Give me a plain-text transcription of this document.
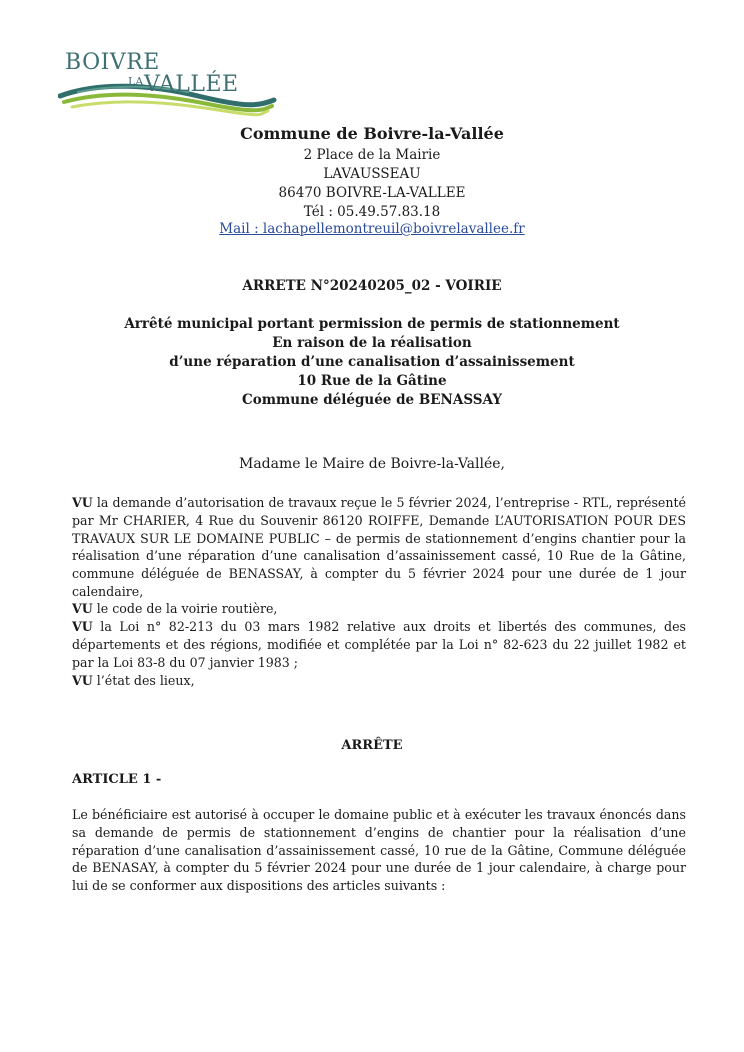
BOIVRE
LA VALLÉE
Commune de Boivre-la-Vallée
2 Place de la Mairie
LAVAUSSEAU
86470 BOIVRE-LA-VALLEE
Tél : 05.49.57.83.18
Mail : lachapellemontreuil@boivrelavallee.fr
ARRETE N°20240205_02 - VOIRIE
Arrêté municipal portant permission de permis de stationnement
En raison de la réalisation
d’une réparation d’une canalisation d’assainissement
10 Rue de la Gâtine
Commune déléguée de BENASSAY
Madame le Maire de Boivre-la-Vallée,
VU la demande d’autorisation de travaux reçue le 5 février 2024, l’entreprise - RTL, représenté par Mr CHARIER, 4 Rue du Souvenir 86120 ROIFFE, Demande L’AUTORISATION POUR DES TRAVAUX SUR LE DOMAINE PUBLIC – de permis de stationnement d’engins chantier pour la réalisation d’une réparation d’une canalisation d’assainissement cassé, 10 Rue de la Gâtine, commune déléguée de BENASSAY, à compter du 5 février 2024 pour une durée de 1 jour calendaire,
VU le code de la voirie routière,
VU la Loi n° 82-213 du 03 mars 1982 relative aux droits et libertés des communes, des départements et des régions, modifiée et complétée par la Loi n° 82-623 du 22 juillet 1982 et par la Loi 83-8 du 07 janvier 1983 ;
VU l’état des lieux,
ARRÊTE
ARTICLE 1 -
Le bénéficiaire est autorisé à occuper le domaine public et à exécuter les travaux énoncés dans sa demande de permis de stationnement d’engins de chantier pour la réalisation d’une réparation d’une canalisation d’assainissement cassé, 10 rue de la Gâtine, Commune déléguée de BENASAY, à compter du 5 février 2024 pour une durée de 1 jour calendaire, à charge pour lui de se conformer aux dispositions des articles suivants :
